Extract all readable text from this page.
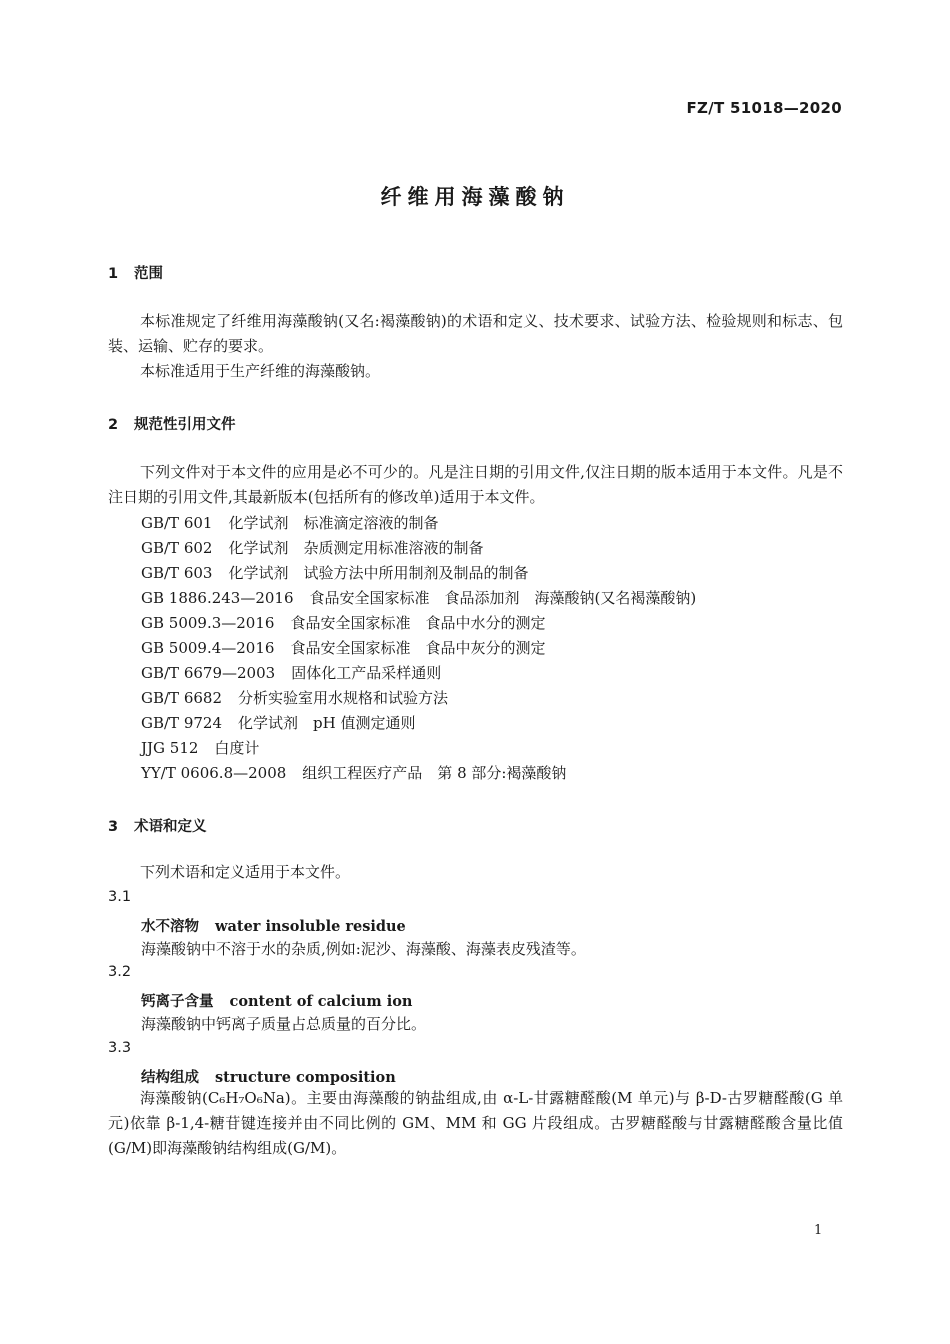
FZ/T 51018—2020
纤维用海藻酸钠
1 范围
本标准规定了纤维用海藻酸钠(又名:褐藻酸钠)的术语和定义、技术要求、试验方法、检验规则和标志、包装、运输、贮存的要求。
本标准适用于生产纤维的海藻酸钠。
2 规范性引用文件
下列文件对于本文件的应用是必不可少的。凡是注日期的引用文件,仅注日期的版本适用于本文件。凡是不注日期的引用文件,其最新版本(包括所有的修改单)适用于本文件。
GB/T 601 化学试剂　标准滴定溶液的制备
GB/T 602 化学试剂　杂质测定用标准溶液的制备
GB/T 603 化学试剂　试验方法中所用制剂及制品的制备
GB 1886.243—2016 食品安全国家标准　食品添加剂　海藻酸钠(又名褐藻酸钠)
GB 5009.3—2016 食品安全国家标准　食品中水分的测定
GB 5009.4—2016 食品安全国家标准　食品中灰分的测定
GB/T 6679—2003 固体化工产品采样通则
GB/T 6682 分析实验室用水规格和试验方法
GB/T 9724 化学试剂　pH 值测定通则
JJG 512 白度计
YY/T 0606.8—2008 组织工程医疗产品　第 8 部分:褐藻酸钠
3 术语和定义
下列术语和定义适用于本文件。
3.1
水不溶物 water insoluble residue
海藻酸钠中不溶于水的杂质,例如:泥沙、海藻酸、海藻表皮残渣等。
3.2
钙离子含量 content of calcium ion
海藻酸钠中钙离子质量占总质量的百分比。
3.3
结构组成 structure composition
海藻酸钠(C₆H₇O₆Na)。主要由海藻酸的钠盐组成,由 α-L-甘露糖醛酸(M 单元)与 β-D-古罗糖醛酸(G 单元)依靠 β-1,4-糖苷键连接并由不同比例的 GM、MM 和 GG 片段组成。古罗糖醛酸与甘露糖醛酸含量比值(G/M)即海藻酸钠结构组成(G/M)。
1
